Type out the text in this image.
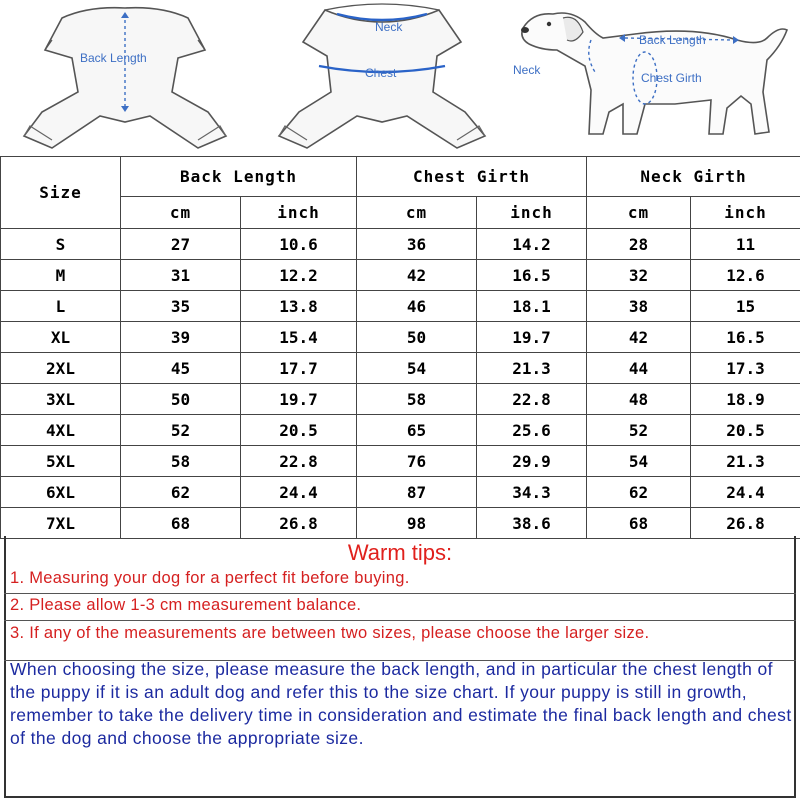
Back Length
Neck
Chest
Back Length
Neck
Chest Girth
Size	Back Length		Chest Girth		Neck Girth	
	cm	inch	cm	inch	cm	inch
S	27	10.6	36	14.2	28	11
M	31	12.2	42	16.5	32	12.6
L	35	13.8	46	18.1	38	15
XL	39	15.4	50	19.7	42	16.5
2XL	45	17.7	54	21.3	44	17.3
3XL	50	19.7	58	22.8	48	18.9
4XL	52	20.5	65	25.6	52	20.5
5XL	58	22.8	76	29.9	54	21.3
6XL	62	24.4	87	34.3	62	24.4
7XL	68	26.8	98	38.6	68	26.8
Warm tips:
1. Measuring your dog for a perfect fit before buying.
2. Please allow 1-3 cm measurement balance.
3. If any of the measurements are between two sizes, please choose the larger size.
When choosing the size, please measure the back length, and in particular the chest length of the puppy if it is an adult dog and refer this to the size chart. If your puppy is still in growth, remember to take the delivery time in consideration and estimate the final back length and chest of the dog and choose the appropriate size.
